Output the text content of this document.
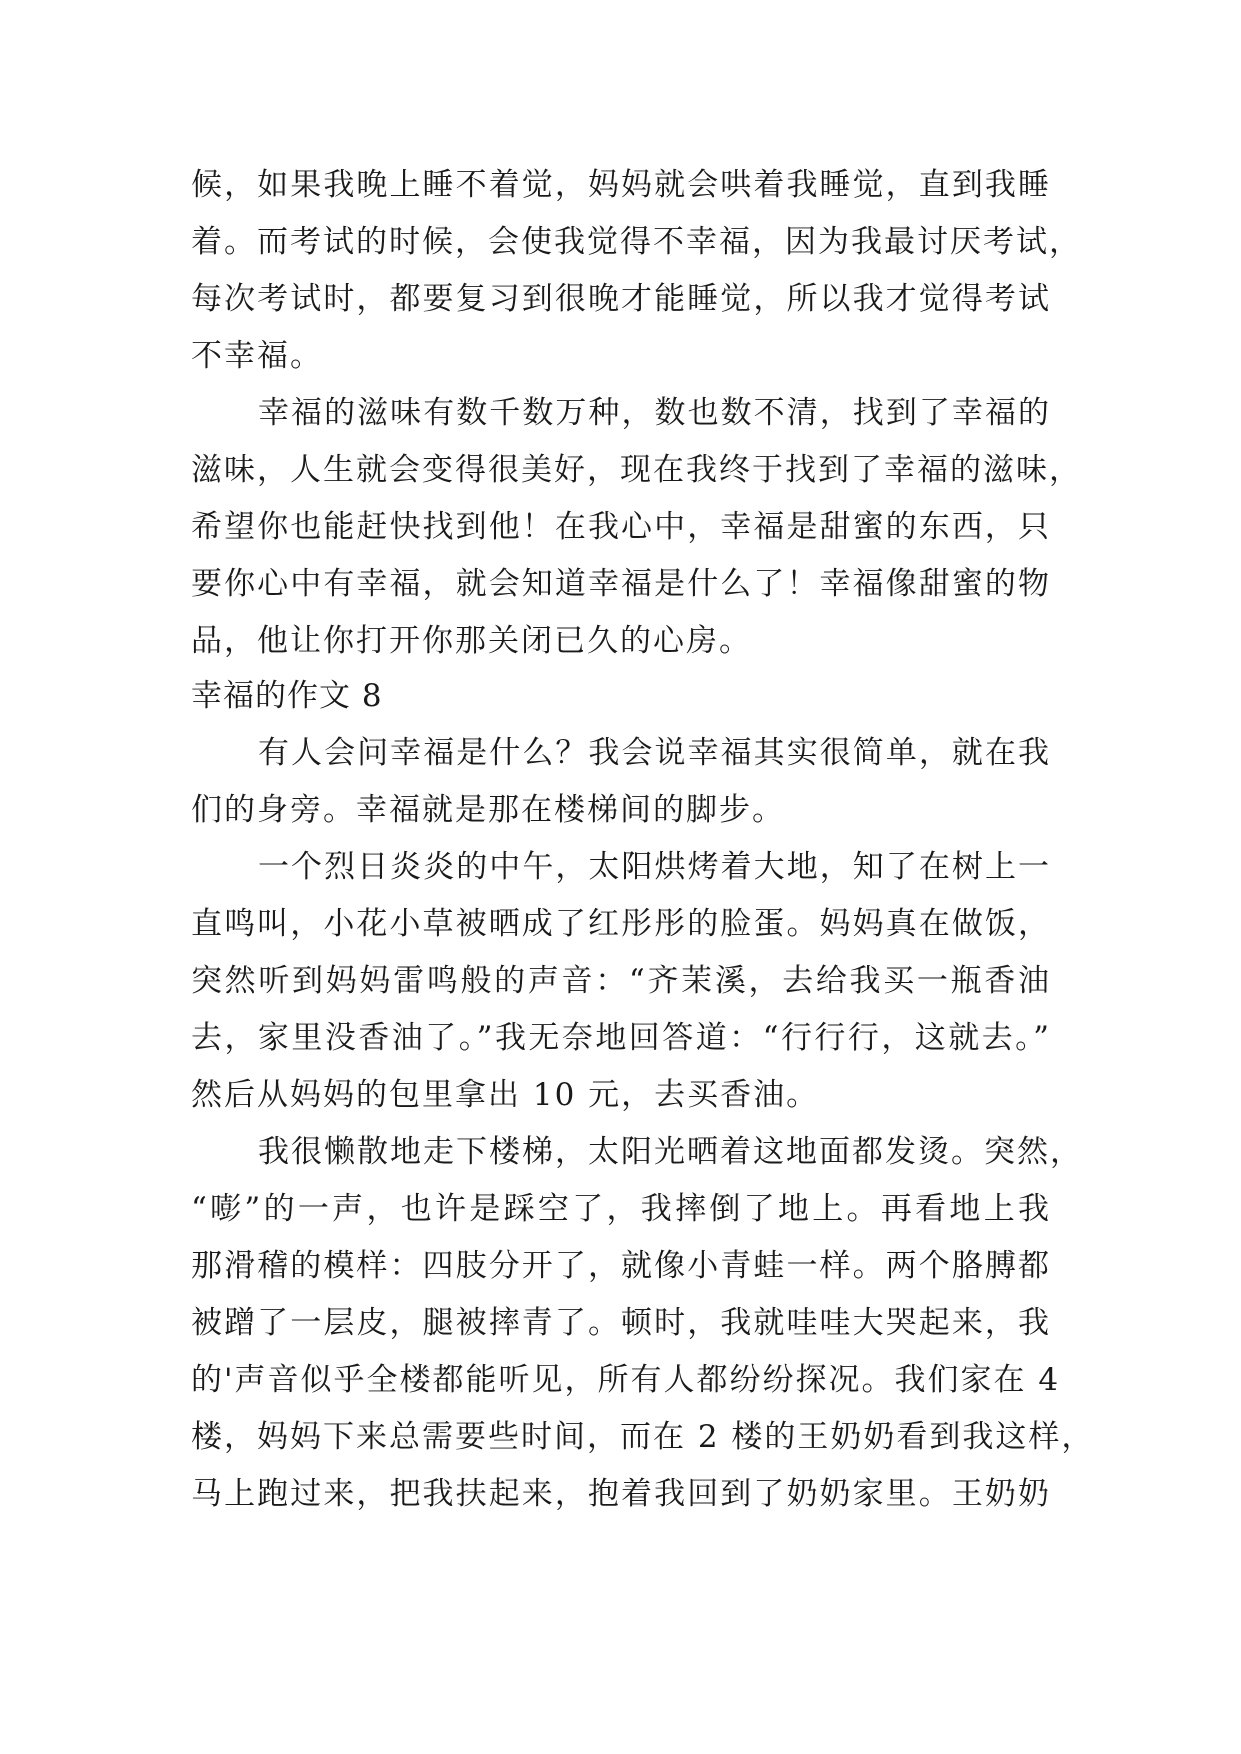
候，如果我晚上睡不着觉，妈妈就会哄着我睡觉，直到我睡
着。而考试的时候，会使我觉得不幸福，因为我最讨厌考试，
每次考试时，都要复习到很晚才能睡觉，所以我才觉得考试
不幸福。
幸福的滋味有数千数万种，数也数不清，找到了幸福的
滋味，人生就会变得很美好，现在我终于找到了幸福的滋味，
希望你也能赶快找到他！在我心中，幸福是甜蜜的东西，只
要你心中有幸福，就会知道幸福是什么了！幸福像甜蜜的物
品，他让你打开你那关闭已久的心房。
幸福的作文 8
有人会问幸福是什么？我会说幸福其实很简单，就在我
们的身旁。幸福就是那在楼梯间的脚步。
一个烈日炎炎的中午，太阳烘烤着大地，知了在树上一
直鸣叫，小花小草被晒成了红彤彤的脸蛋。妈妈真在做饭，
突然听到妈妈雷鸣般的声音：“齐茉溪，去给我买一瓶香油
去，家里没香油了。”我无奈地回答道：“行行行，这就去。”
然后从妈妈的包里拿出 10 元，去买香油。
我很懒散地走下楼梯，太阳光晒着这地面都发烫。突然，
“嘭”的一声，也许是踩空了，我摔倒了地上。再看地上我
那滑稽的模样：四肢分开了，就像小青蛙一样。两个胳膊都
被蹭了一层皮，腿被摔青了。顿时，我就哇哇大哭起来，我
的'声音似乎全楼都能听见，所有人都纷纷探况。我们家在 4
楼，妈妈下来总需要些时间，而在 2 楼的王奶奶看到我这样，
马上跑过来，把我扶起来，抱着我回到了奶奶家里。王奶奶
